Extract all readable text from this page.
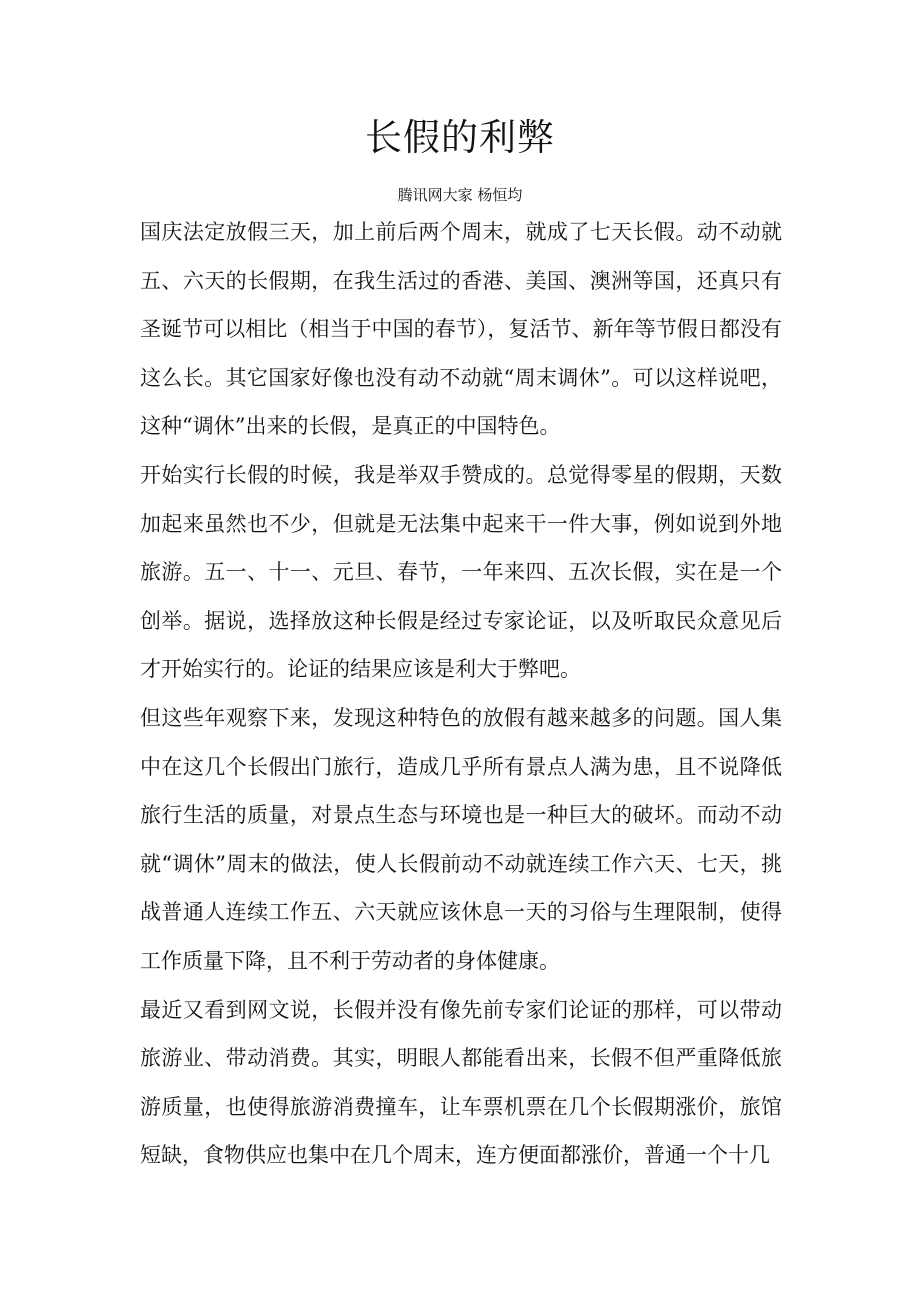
长假的利弊
腾讯网大家 杨恒均

国庆法定放假三天，加上前后两个周末，就成了七天长假。动不动就五、六天的长假期，在我生活过的香港、美国、澳洲等国，还真只有圣诞节可以相比（相当于中国的春节），复活节、新年等节假日都没有这么长。其它国家好像也没有动不动就“周末调休”。可以这样说吧，这种“调休”出来的长假，是真正的中国特色。

开始实行长假的时候，我是举双手赞成的。总觉得零星的假期，天数加起来虽然也不少，但就是无法集中起来干一件大事，例如说到外地旅游。五一、十一、元旦、春节，一年来四、五次长假，实在是一个创举。据说，选择放这种长假是经过专家论证，以及听取民众意见后才开始实行的。论证的结果应该是利大于弊吧。

但这些年观察下来，发现这种特色的放假有越来越多的问题。国人集中在这几个长假出门旅行，造成几乎所有景点人满为患，且不说降低旅行生活的质量，对景点生态与环境也是一种巨大的破坏。而动不动就“调休”周末的做法，使人长假前动不动就连续工作六天、七天，挑战普通人连续工作五、六天就应该休息一天的习俗与生理限制，使得工作质量下降，且不利于劳动者的身体健康。

最近又看到网文说，长假并没有像先前专家们论证的那样，可以带动旅游业、带动消费。其实，明眼人都能看出来，长假不但严重降低旅游质量，也使得旅游消费撞车，让车票机票在几个长假期涨价，旅馆短缺，食物供应也集中在几个周末，连方便面都涨价，普通一个十几
